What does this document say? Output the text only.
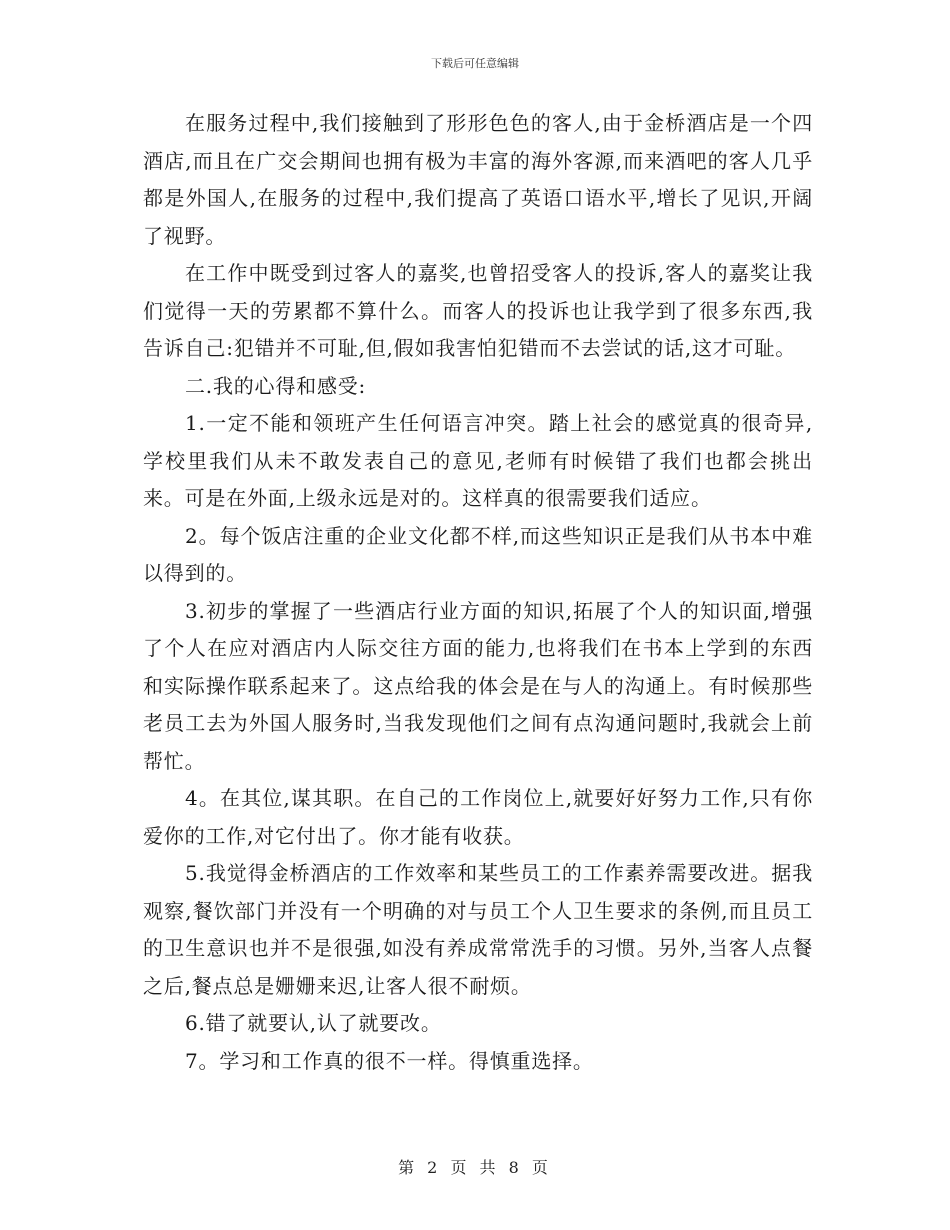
下载后可任意编辑

在服务过程中,我们接触到了形形色色的客人,由于金桥酒店是一个四酒店,而且在广交会期间也拥有极为丰富的海外客源,而来酒吧的客人几乎都是外国人,在服务的过程中,我们提高了英语口语水平,增长了见识,开阔了视野。

在工作中既受到过客人的嘉奖,也曾招受客人的投诉,客人的嘉奖让我们觉得一天的劳累都不算什么。而客人的投诉也让我学到了很多东西,我告诉自己:犯错并不可耻,但,假如我害怕犯错而不去尝试的话,这才可耻。

二.我的心得和感受:

1.一定不能和领班产生任何语言冲突。踏上社会的感觉真的很奇异,学校里我们从未不敢发表自己的意见,老师有时候错了我们也都会挑出来。可是在外面,上级永远是对的。这样真的很需要我们适应。

2。每个饭店注重的企业文化都不样,而这些知识正是我们从书本中难以得到的。

3.初步的掌握了一些酒店行业方面的知识,拓展了个人的知识面,增强了个人在应对酒店内人际交往方面的能力,也将我们在书本上学到的东西和实际操作联系起来了。这点给我的体会是在与人的沟通上。有时候那些老员工去为外国人服务时,当我发现他们之间有点沟通问题时,我就会上前帮忙。

4。在其位,谋其职。在自己的工作岗位上,就要好好努力工作,只有你爱你的工作,对它付出了。你才能有收获。

5.我觉得金桥酒店的工作效率和某些员工的工作素养需要改进。据我观察,餐饮部门并没有一个明确的对与员工个人卫生要求的条例,而且员工的卫生意识也并不是很强,如没有养成常常洗手的习惯。另外,当客人点餐之后,餐点总是姗姗来迟,让客人很不耐烦。

6.错了就要认,认了就要改。

7。学习和工作真的很不一样。得慎重选择。

第 2 页 共 8 页
